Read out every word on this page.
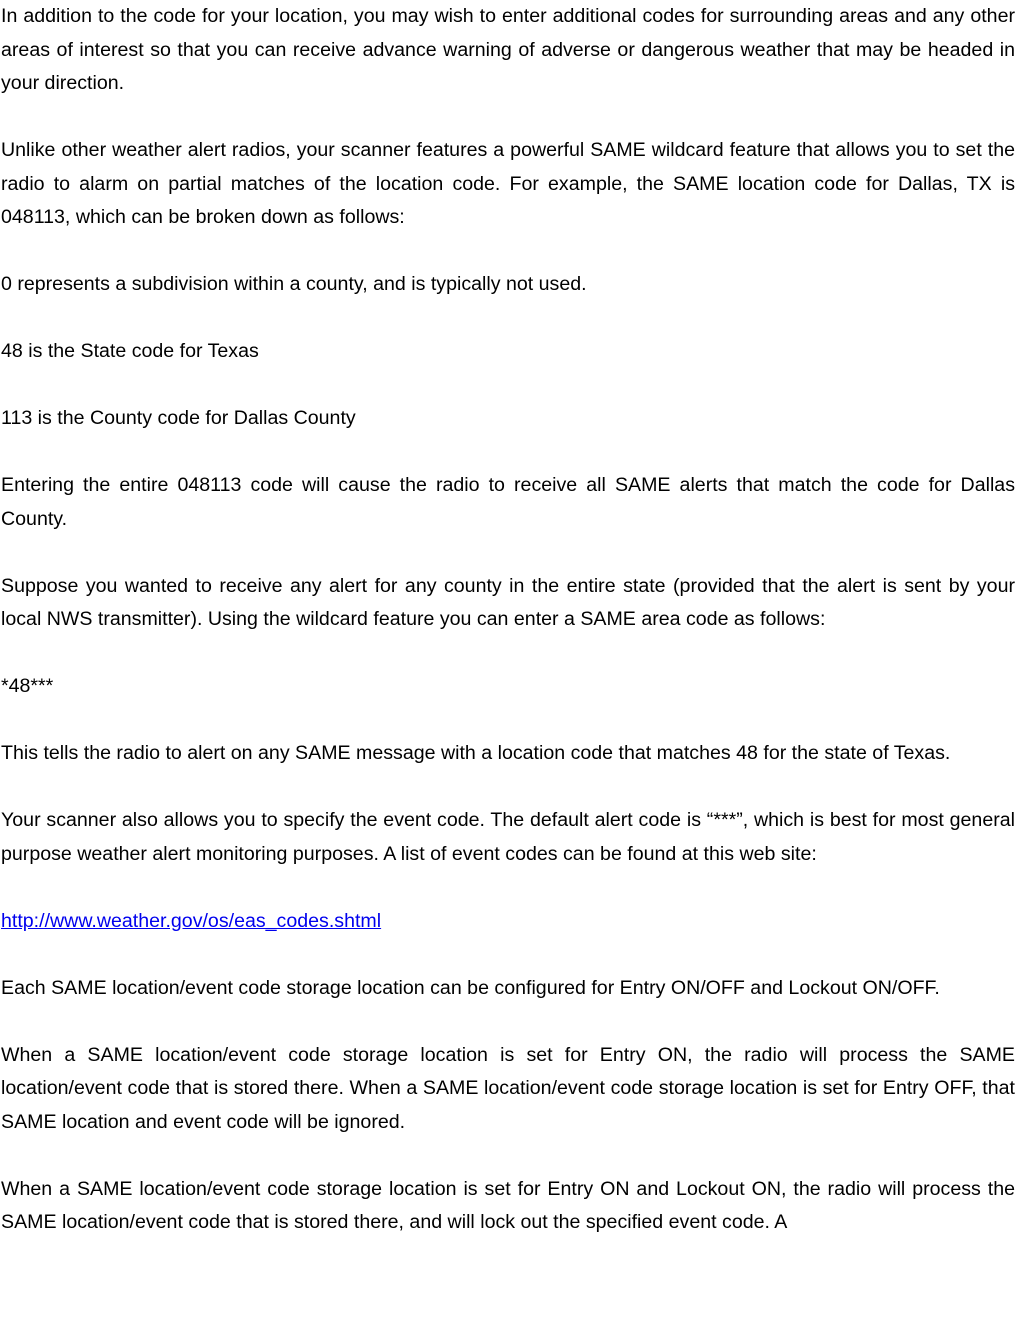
In addition to the code for your location, you may wish to enter additional codes for surrounding areas and any other areas of interest so that you can receive advance warning of adverse or dangerous weather that may be headed in your direction.

Unlike other weather alert radios, your scanner features a powerful SAME wildcard feature that allows you to set the radio to alarm on partial matches of the location code. For example, the SAME location code for Dallas, TX is 048113, which can be broken down as follows:

0 represents a subdivision within a county, and is typically not used.

48 is the State code for Texas

113 is the County code for Dallas County

Entering the entire 048113 code will cause the radio to receive all SAME alerts that match the code for Dallas County.

Suppose you wanted to receive any alert for any county in the entire state (provided that the alert is sent by your local NWS transmitter). Using the wildcard feature you can enter a SAME area code as follows:

*48***

This tells the radio to alert on any SAME message with a location code that matches 48 for the state of Texas.

Your scanner also allows you to specify the event code. The default alert code is “***”, which is best for most general purpose weather alert monitoring purposes. A list of event codes can be found at this web site:

http://www.weather.gov/os/eas_codes.shtml

Each SAME location/event code storage location can be configured for Entry ON/OFF and Lockout ON/OFF.

When a SAME location/event code storage location is set for Entry ON, the radio will process the SAME location/event code that is stored there. When a SAME location/event code storage location is set for Entry OFF, that SAME location and event code will be ignored.

When a SAME location/event code storage location is set for Entry ON and Lockout ON, the radio will process the SAME location/event code that is stored there, and will lock out the specified event code. A
